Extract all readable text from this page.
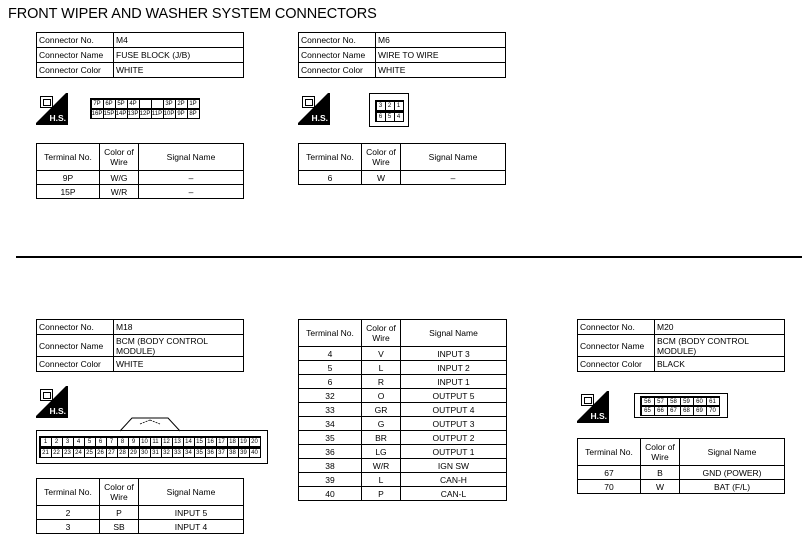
FRONT WIPER AND WASHER SYSTEM CONNECTORS
Connector No.	M4
Connector Name	FUSE BLOCK (J/B)
Connector Color	WHITE
H.S.
7P 6P 5P 4P	3P 2P 1P
16P 15P 14P 13P 12P 11P 10P 9P 8P
Terminal No.	Color of Wire	Signal Name
9P	W/G	–
15P	W/R	–
Connector No.	M6
Connector Name	WIRE TO WIRE
Connector Color	WHITE
H.S.
3 2 1
6 5 4
Terminal No.	Color of Wire	Signal Name
6	W	–
Connector No.	M18
Connector Name	BCM (BODY CONTROL MODULE)
Connector Color	WHITE
H.S.
1	2	3	4	5	6	7	8	9 10 11 12 13 14 15 16 17 18 19 20
21 22 23 24 25 26 27 28 29 30 31 32 33 34 35 36 37 38 39 40
Terminal No.	Color of Wire	Signal Name
2	P	INPUT 5
3	SB	INPUT 4
Terminal No.	Color of Wire	Signal Name
4	V	INPUT 3
5	L	INPUT 2
6	R	INPUT 1
32	O	OUTPUT 5
33	GR	OUTPUT 4
34	G	OUTPUT 3
35	BR	OUTPUT 2
36	LG	OUTPUT 1
38	W/R	IGN SW
39	L	CAN-H
40	P	CAN-L
Connector No.	M20
Connector Name	BCM (BODY CONTROL MODULE)
Connector Color	BLACK
H.S.
56	57	58	59	60	61
65	66	67	68	69	70
Terminal No.	Color of Wire	Signal Name
67	B	GND (POWER)
70	W	BAT (F/L)
